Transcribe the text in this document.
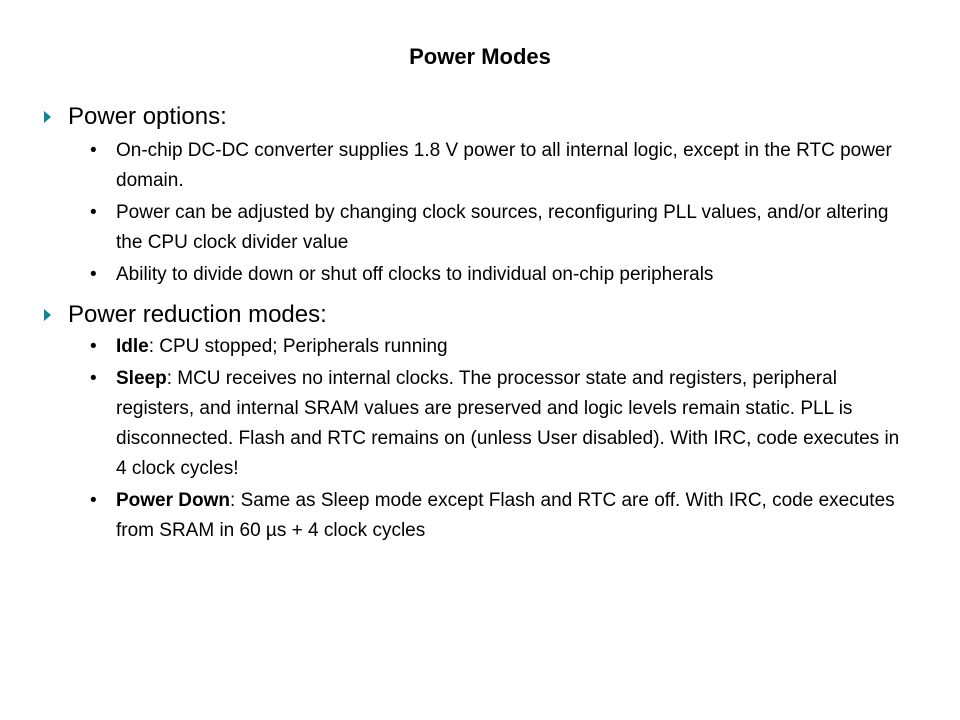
Power Modes
Power options:
• On-chip DC-DC converter supplies 1.8 V power to all internal logic, except in the RTC power domain.
• Power can be adjusted by changing clock sources, reconfiguring PLL values, and/or altering the CPU clock divider value
• Ability to divide down or shut off clocks to individual on-chip peripherals
Power reduction modes:
• Idle: CPU stopped; Peripherals running
• Sleep: MCU receives no internal clocks. The processor state and registers, peripheral registers, and internal SRAM values are preserved and logic levels remain static. PLL is disconnected. Flash and RTC remains on (unless User disabled). With IRC, code executes in 4 clock cycles!
• Power Down: Same as Sleep mode except Flash and RTC are off. With IRC, code executes from SRAM in 60 µs + 4 clock cycles
